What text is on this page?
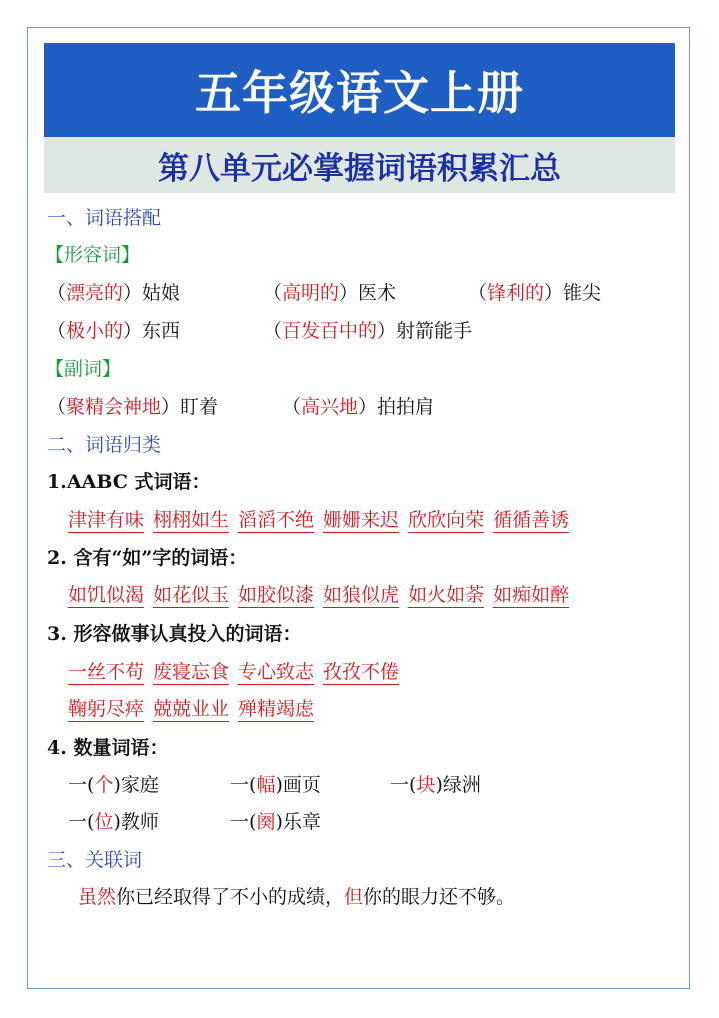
五年级语文上册
第八单元必掌握词语积累汇总
一、词语搭配
【形容词】
（漂亮的）姑娘	（高明的）医术	（锋利的）锥尖
（极小的）东西	（百发百中的）射箭能手
【副词】
（聚精会神地）盯着	（高兴地）拍拍肩
二、词语归类
1.AABC 式词语：
津津有味 栩栩如生 滔滔不绝 姗姗来迟 欣欣向荣 循循善诱
2. 含有“如”字的词语：
如饥似渴 如花似玉 如胶似漆 如狼似虎 如火如荼 如痴如醉
3. 形容做事认真投入的词语：
一丝不苟 废寝忘食 专心致志 孜孜不倦
鞠躬尽瘁 兢兢业业 殚精竭虑
4. 数量词语：
一(个)家庭	一(幅)画页	一(块)绿洲
一(位)教师	一(阕)乐章
三、关联词
虽然你已经取得了不小的成绩，但你的眼力还不够。
